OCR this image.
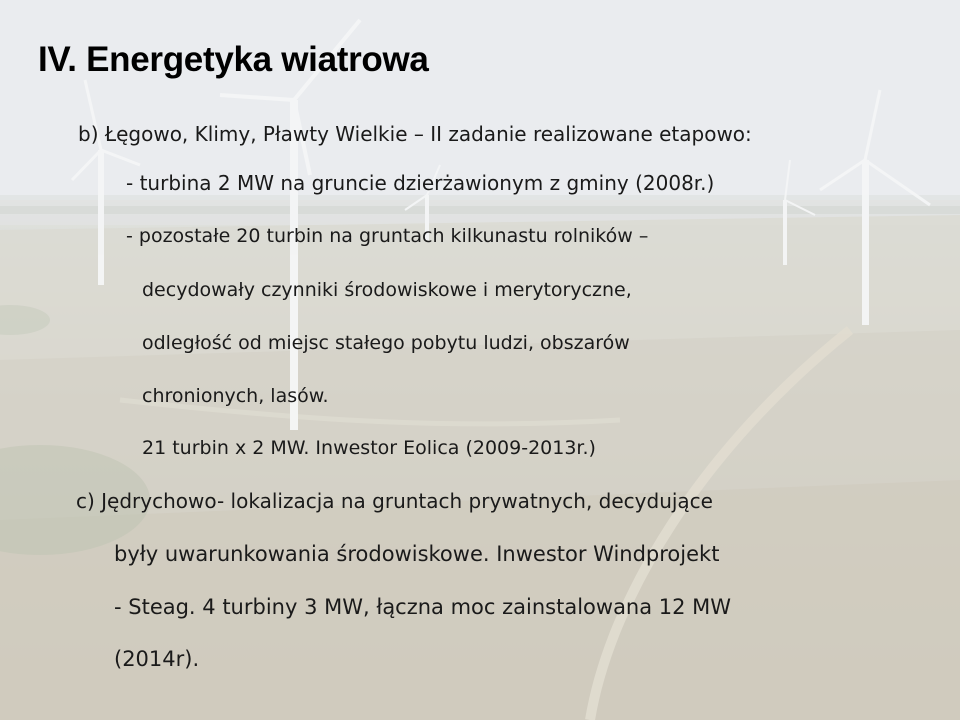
IV. Energetyka wiatrowa
b) Łęgowo, Klimy, Pławty Wielkie – II zadanie realizowane etapowo:
- turbina 2 MW na gruncie dzierżawionym z gminy (2008r.)
- pozostałe 20 turbin na gruntach kilkunastu rolników –
decydowały czynniki środowiskowe i merytoryczne,
odległość od miejsc stałego pobytu ludzi, obszarów
chronionych, lasów.
21 turbin x 2 MW. Inwestor Eolica (2009-2013r.)
c) Jędrychowo- lokalizacja na gruntach prywatnych, decydujące
były uwarunkowania środowiskowe. Inwestor Windprojekt
- Steag. 4 turbiny 3 MW, łączna moc zainstalowana 12 MW
(2014r).
